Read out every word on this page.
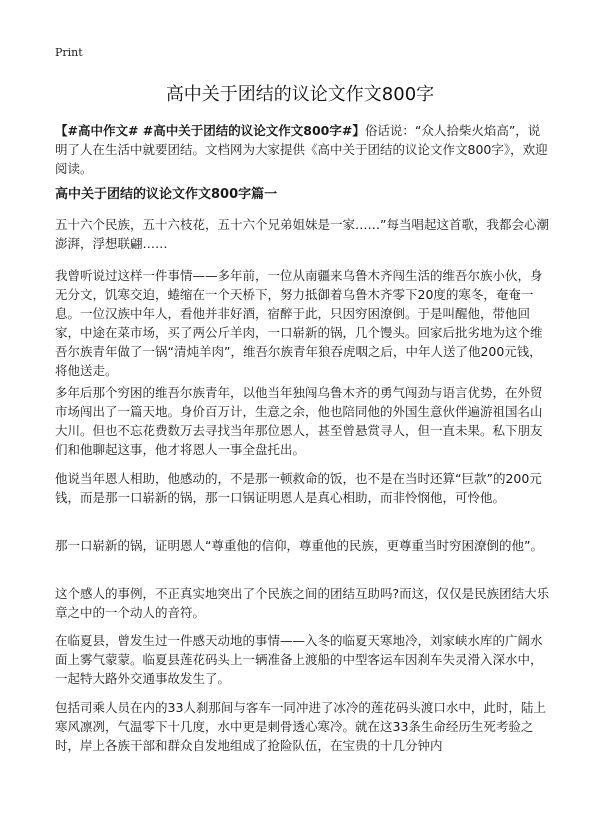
Print
高中关于团结的议论文作文800字

【#高中作文# #高中关于团结的议论文作文800字#】俗话说：“众人拾柴火焰高”，说明了人在生活中就要团结。文档网为大家提供《高中关于团结的议论文作文800字》，欢迎阅读。

高中关于团结的议论文作文800字篇一

五十六个民族，五十六枝花，五十六个兄弟姐妹是一家……”每当唱起这首歌，我都会心潮澎湃，浮想联翩……

我曾听说过这样一件事情——多年前，一位从南疆来乌鲁木齐闯生活的维吾尔族小伙，身无分文，饥寒交迫，蜷缩在一个天桥下，努力抵御着乌鲁木齐零下20度的寒冬，奄奄一息。一位汉族中年人，看他并非好酒，宿醉于此，只因穷困潦倒。于是叫醒他，带他回家，中途在菜市场，买了两公斤羊肉，一口崭新的锅，几个馒头。回家后批劣地为这个维吾尔族青年做了一锅“清炖羊肉”，维吾尔族青年狼吞虎咽之后，中年人送了他200元钱，将他送走。

多年后那个穷困的维吾尔族青年，以他当年独闯乌鲁木齐的勇气闯劲与语言优势，在外贸市场闯出了一篇天地。身价百万计，生意之余，他也陪同他的外国生意伙伴遍游祖国名山大川。但也不忘花费数万去寻找当年那位恩人，甚至曾悬赏寻人，但一直未果。私下朋友们和他聊起这事，他才将恩人一事全盘托出。

他说当年恩人相助，他感动的，不是那一顿救命的饭，也不是在当时还算“巨款”的200元钱，而是那一口崭新的锅，那一口锅证明恩人是真心相助，而非怜悯他，可怜他。

那一口崭新的锅，证明恩人“尊重他的信仰，尊重他的民族，更尊重当时穷困潦倒的他”。

这个感人的事例，不正真实地突出了个民族之间的团结互助吗?而这，仅仅是民族团结大乐章之中的一个动人的音符。

在临夏县，曾发生过一件感天动地的事情——入冬的临夏天寒地冷，刘家峡水库的广阔水面上雾气蒙蒙。临夏县莲花码头上一辆准备上渡船的中型客运车因刹车失灵滑入深水中，一起特大路外交通事故发生了。

包括司乘人员在内的33人刹那间与客车一同冲进了冰冷的莲花码头渡口水中，此时，陆上寒风凛冽，气温零下十几度，水中更是刺骨透心寒冷。就在这33条生命经历生死考验之时，岸上各族干部和群众自发地组成了抢险队伍，在宝贵的十几分钟内
